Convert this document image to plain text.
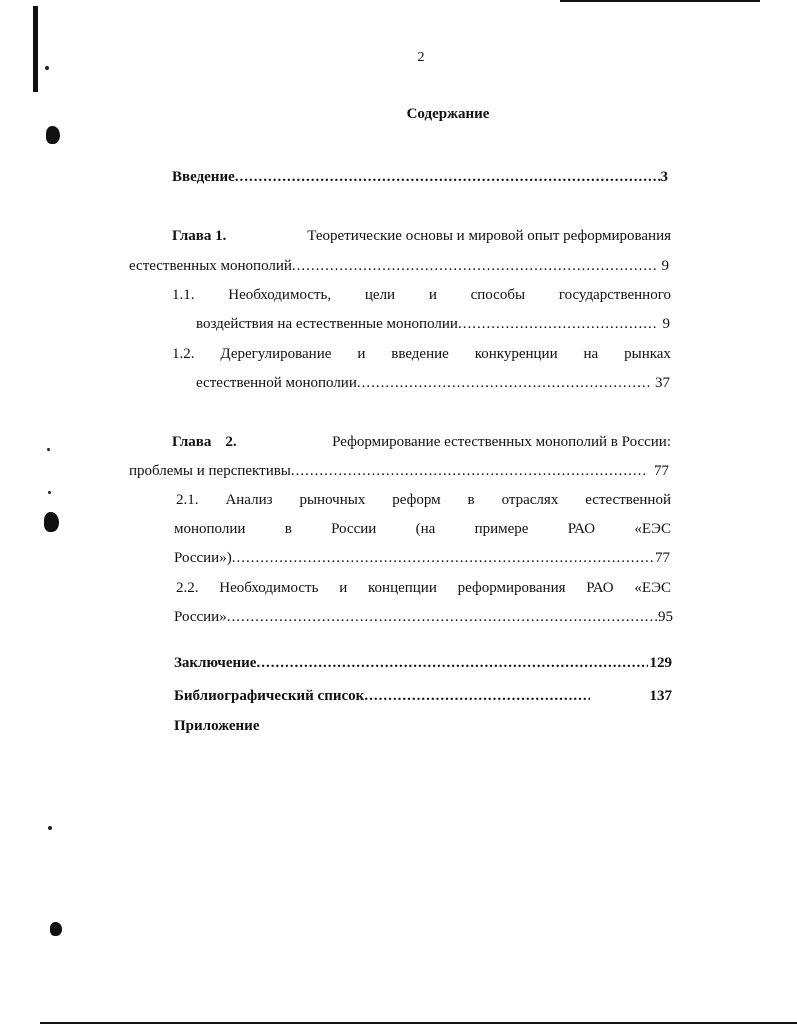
2
Содержание
Введение .....	3
Глава 1.	Теоретические основы и мировой опыт реформирования
естественных монополий .....	9
1.1. Необходимость, цели и способы государственного
воздействия на естественные монополии .....	9
1.2. Дерегулирование и введение конкуренции на рынках
естественной монополии .....	37
Глава 2.	Реформирование естественных монополий в России:
проблемы и перспективы .....	77
2.1. Анализ рыночных реформ в отраслях естественной
монополии	в	России	(на	примере	РАО	«ЕЭС
России») .....	77
2.2. Необходимость и концепции реформирования РАО «ЕЭС
России» .....	95
Заключение .....	129
Библиографический список .....	137
Приложение
